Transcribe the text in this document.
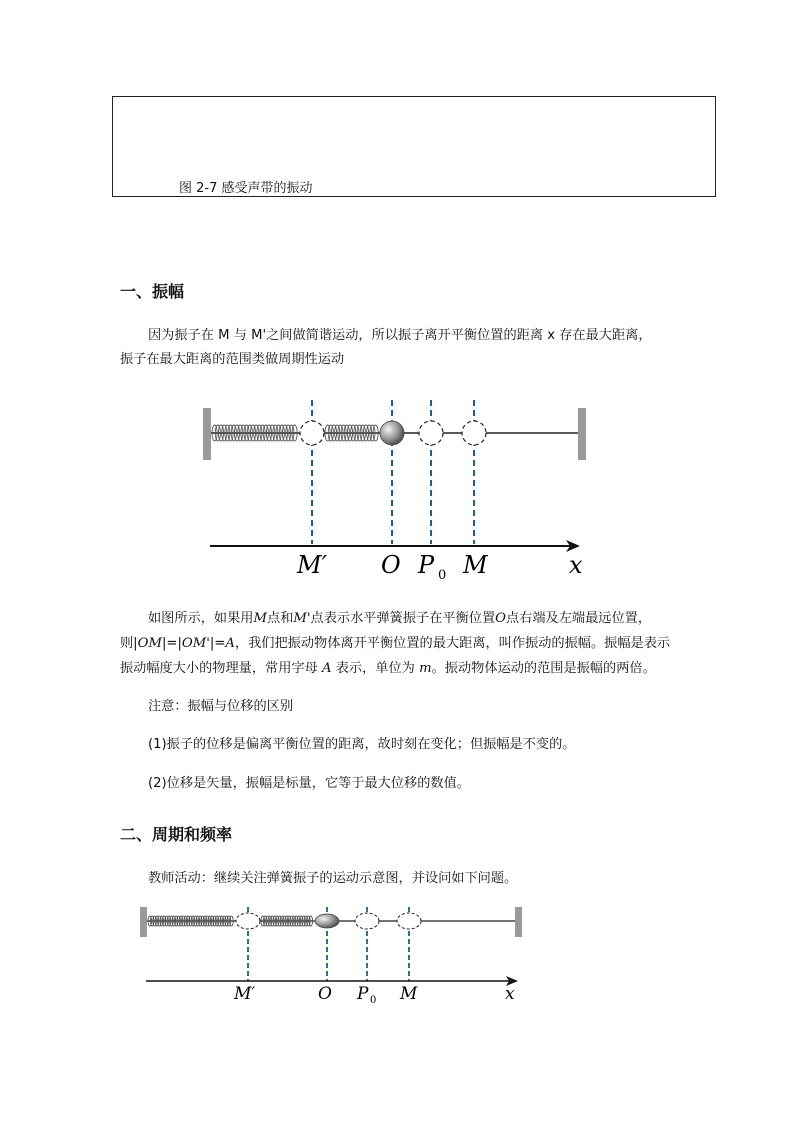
图 2-7 感受声带的振动
一、振幅
因为振子在 M 与 M'之间做简谐运动，所以振子离开平衡位置的距离 x 存在最大距离，
振子在最大距离的范围类做周期性运动
M′ O P 0 M	x
如图所示，如果用M点和M'点表示水平弹簧振子在平衡位置O点右端及左端最远位置，
则|OM|=|OM'|=A，我们把振动物体离开平衡位置的最大距离，叫作振动的振幅。振幅是表示
振动幅度大小的物理量，常用字母 A 表示，单位为 m。振动物体运动的范围是振幅的两倍。
注意：振幅与位移的区别
(1)振子的位移是偏离平衡位置的距离，故时刻在变化；但振幅是不变的。
(2)位移是矢量，振幅是标量，它等于最大位移的数值。
二、周期和频率
教师活动：继续关注弹簧振子的运动示意图，并设问如下问题。
M′	O P 0 M	x
